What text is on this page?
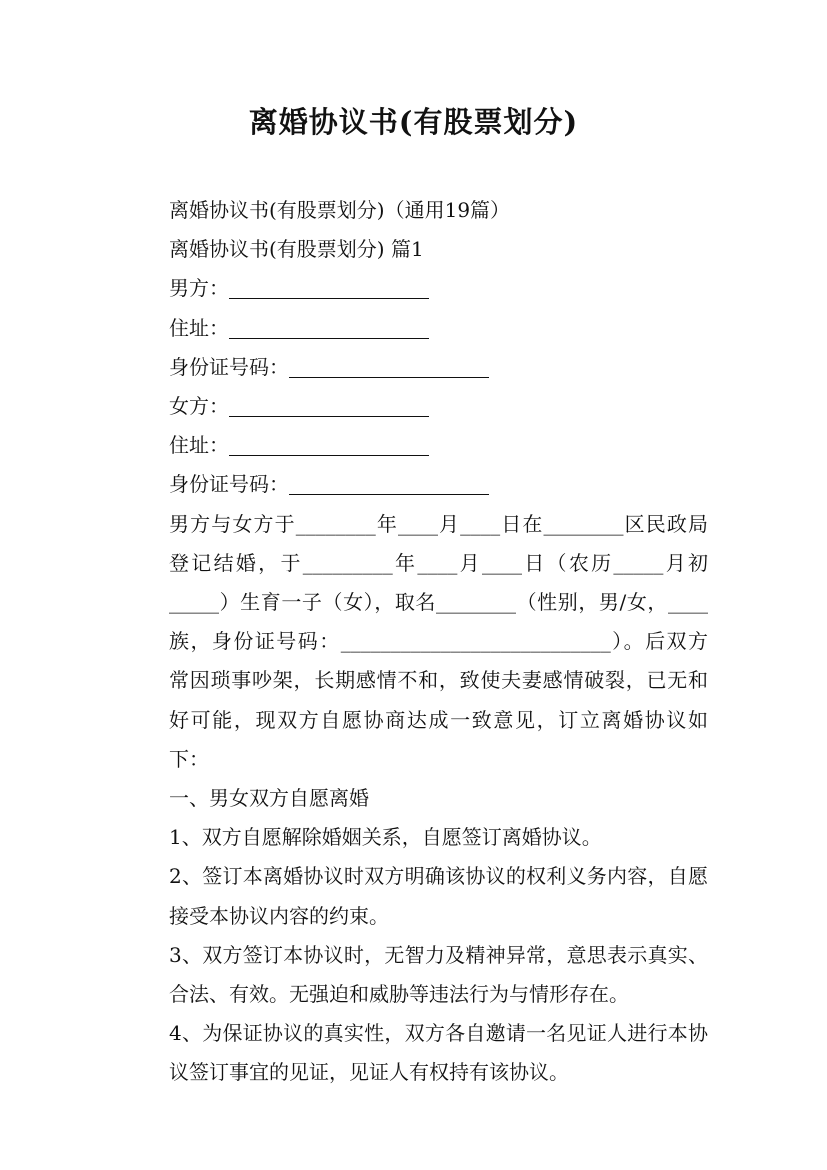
离婚协议书(有股票划分)
离婚协议书(有股票划分)（通用19篇）
离婚协议书(有股票划分) 篇1
男方：
住址：
身份证号码：
女方：
住址：
身份证号码：

男方与女方于________年____月____日在________区民政局登记结婚，于_________年____月____日（农历_____月初_____）生育一子（女），取名________（性别，男/女，____族，身份证号码：___________________________）。后双方常因琐事吵架，长期感情不和，致使夫妻感情破裂，已无和好可能，现双方自愿协商达成一致意见，订立离婚协议如下：

一、男女双方自愿离婚

1、双方自愿解除婚姻关系，自愿签订离婚协议。

2、签订本离婚协议时双方明确该协议的权利义务内容，自愿接受本协议内容的约束。

3、双方签订本协议时，无智力及精神异常，意思表示真实、合法、有效。无强迫和威胁等违法行为与情形存在。

4、为保证协议的真实性，双方各自邀请一名见证人进行本协议签订事宜的见证，见证人有权持有该协议。
